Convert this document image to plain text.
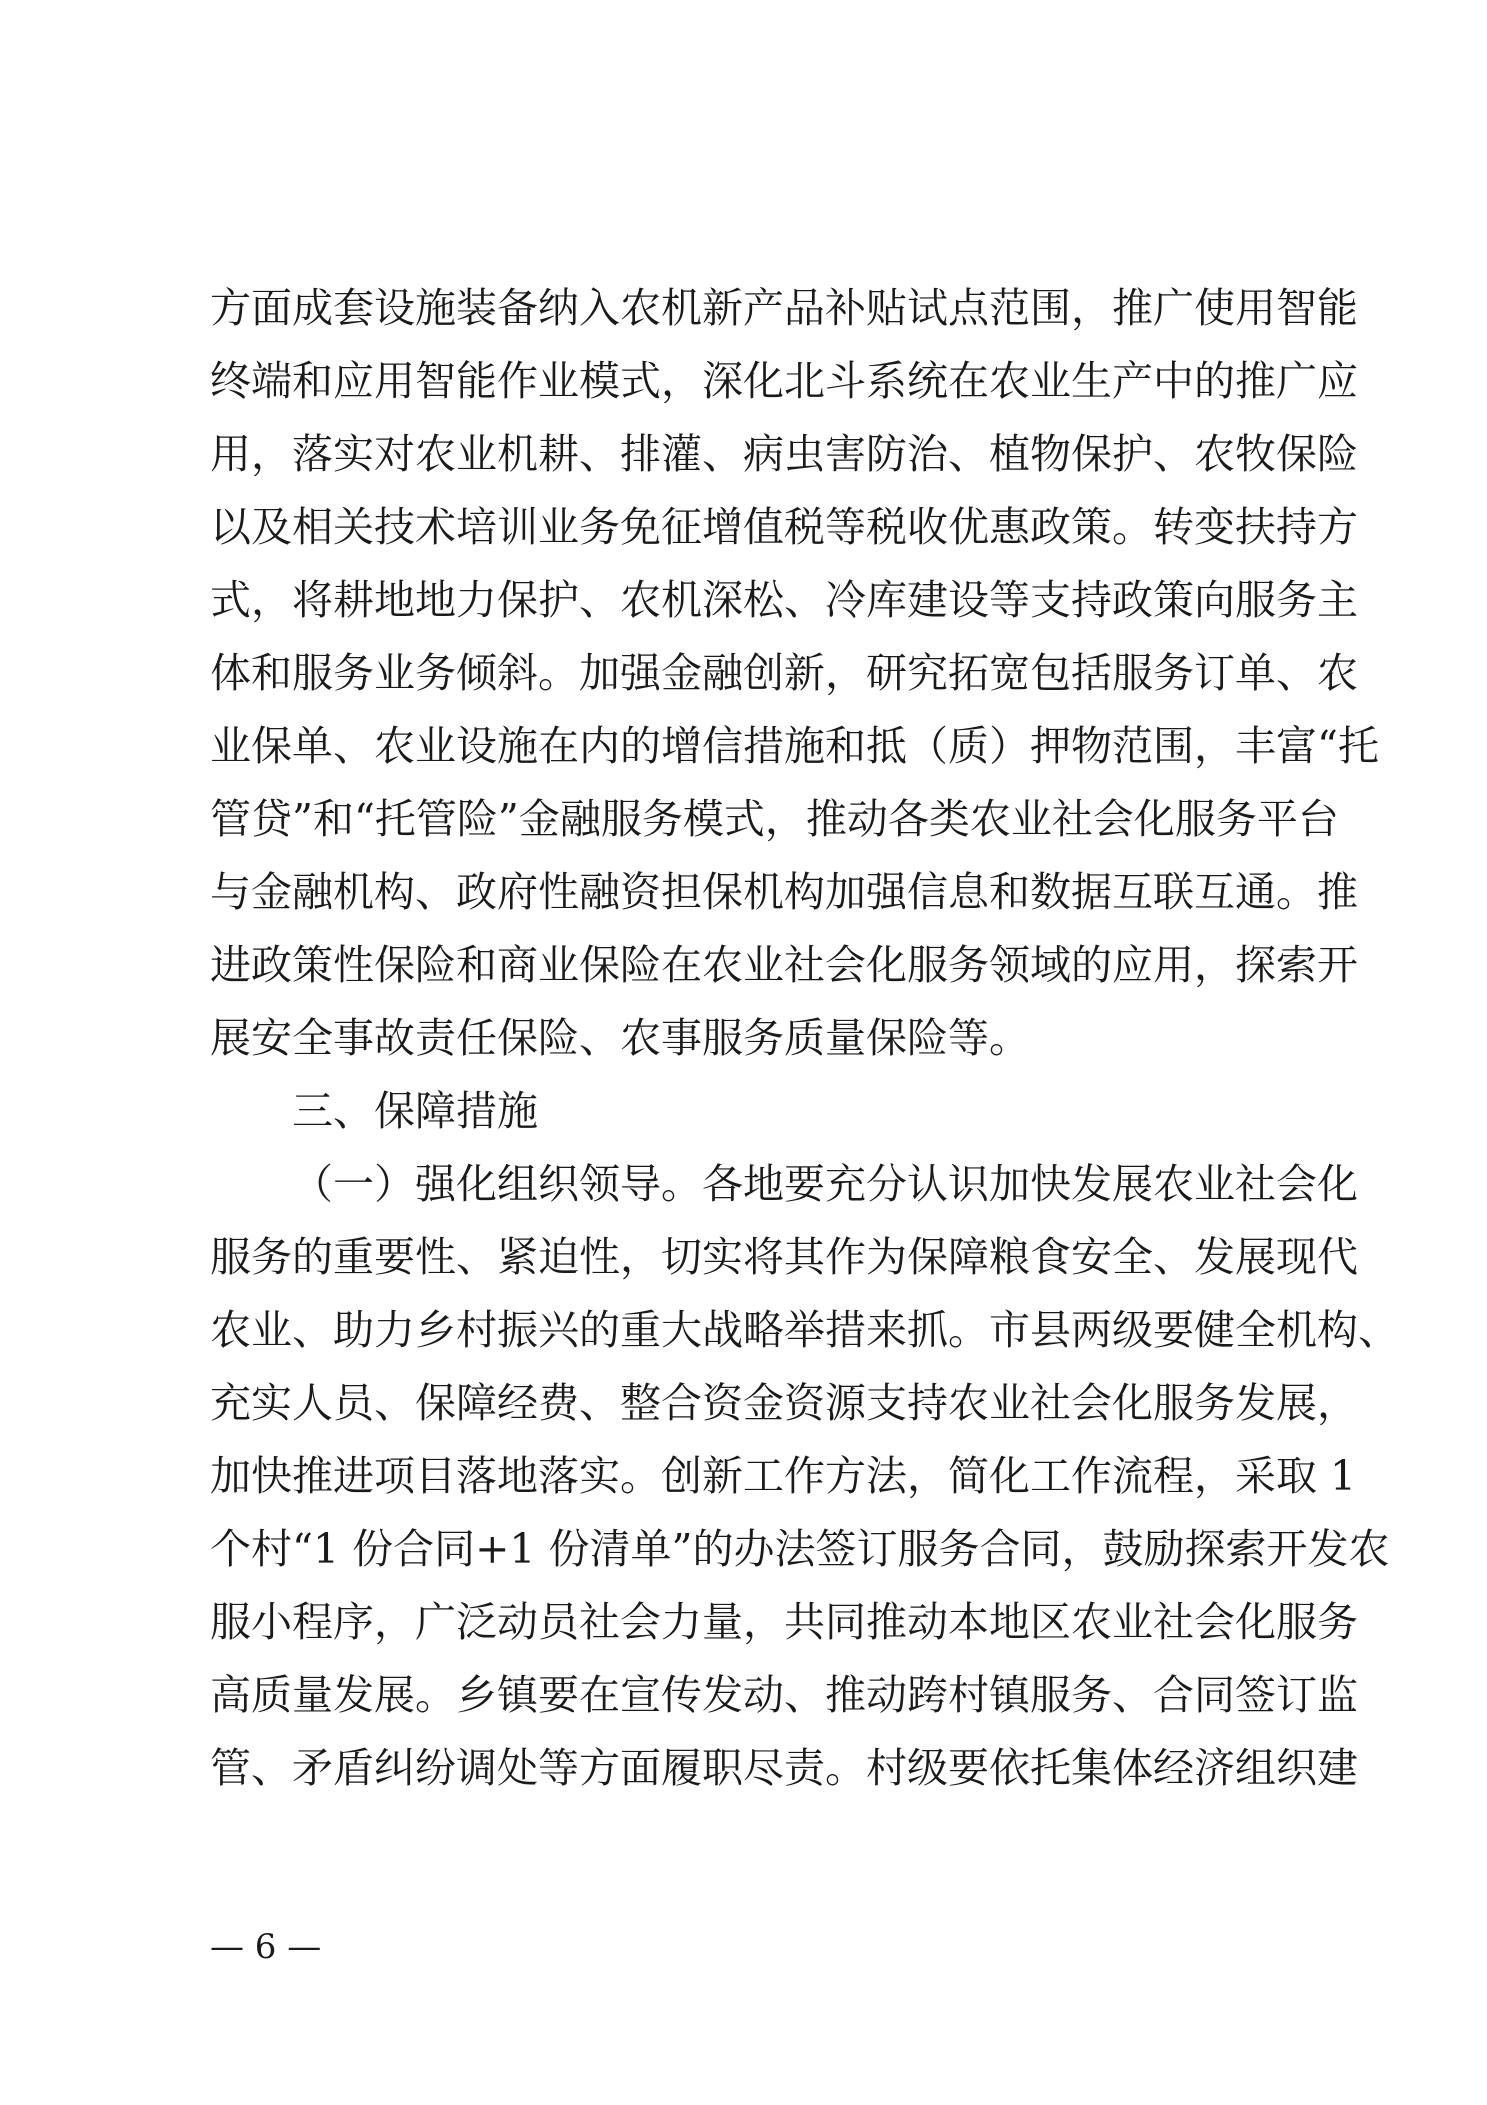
方面成套设施装备纳入农机新产品补贴试点范围，推广使用智能
终端和应用智能作业模式，深化北斗系统在农业生产中的推广应
用，落实对农业机耕、排灌、病虫害防治、植物保护、农牧保险
以及相关技术培训业务免征增值税等税收优惠政策。转变扶持方
式，将耕地地力保护、农机深松、冷库建设等支持政策向服务主
体和服务业务倾斜。加强金融创新，研究拓宽包括服务订单、农
业保单、农业设施在内的增信措施和抵（质）押物范围，丰富“托
管贷”和“托管险”金融服务模式，推动各类农业社会化服务平台
与金融机构、政府性融资担保机构加强信息和数据互联互通。推
进政策性保险和商业保险在农业社会化服务领域的应用，探索开
展安全事故责任保险、农事服务质量保险等。
三、保障措施
（一）强化组织领导。各地要充分认识加快发展农业社会化
服务的重要性、紧迫性，切实将其作为保障粮食安全、发展现代
农业、助力乡村振兴的重大战略举措来抓。市县两级要健全机构、
充实人员、保障经费、整合资金资源支持农业社会化服务发展，
加快推进项目落地落实。创新工作方法，简化工作流程，采取 1
个村“1 份合同+1 份清单”的办法签订服务合同，鼓励探索开发农
服小程序，广泛动员社会力量，共同推动本地区农业社会化服务
高质量发展。乡镇要在宣传发动、推动跨村镇服务、合同签订监
管、矛盾纠纷调处等方面履职尽责。村级要依托集体经济组织建
— 6 —
